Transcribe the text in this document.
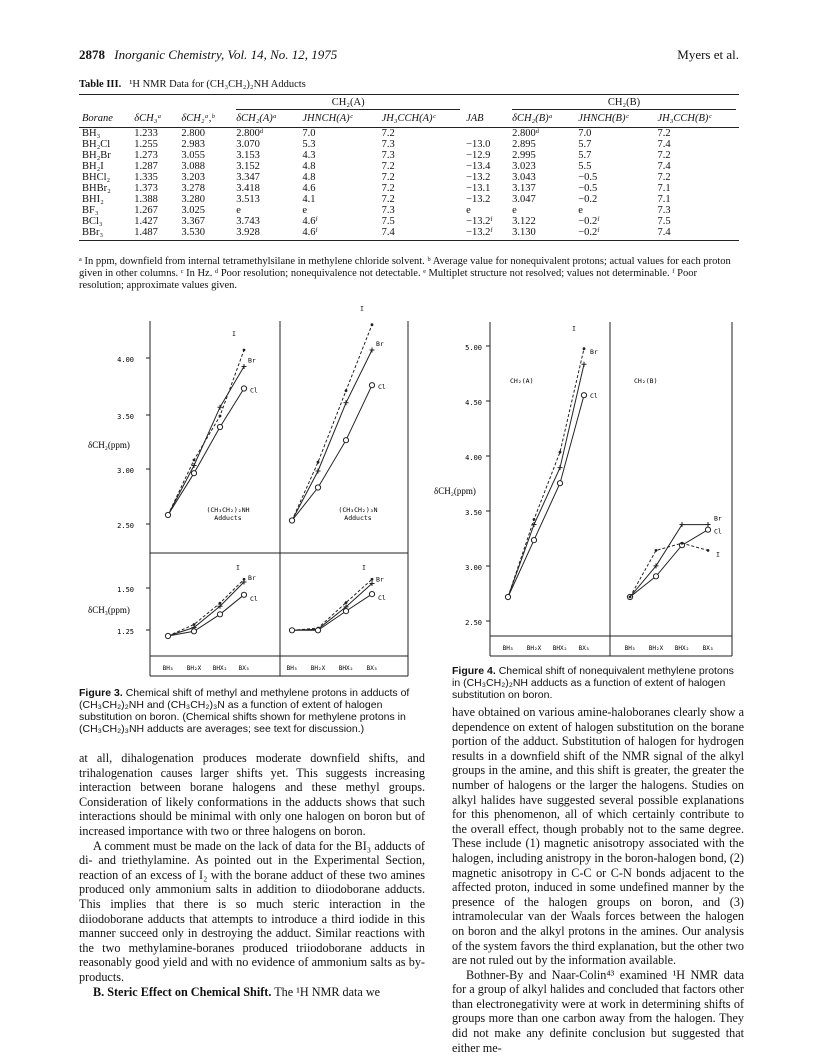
2878 Inorganic Chemistry, Vol. 14, No. 12, 1975	Myers et al.
Table III. ¹H NMR Data for (CH₃CH₂)₂NH Adducts

			CH₂(A)				CH₂(B)		

Borane	δCH₃ᵃ	δCH₂ᵃ,ᵇ	δCH₂(A)ᵃ	JHNCH(A)ᶜ	JH₃CCH(A)ᶜ	JAB	δCH₂(B)ᵃ	JHNCH(B)ᶜ	JH₃CCH(B)ᶜ
BH₃	1.233	2.800	2.800ᵈ	7.0	7.2		2.800ᵈ	7.0	7.2
BH₂Cl	1.255	2.983	3.070	5.3	7.3	−13.0	2.895	5.7	7.4
BH₂Br	1.273	3.055	3.153	4.3	7.3	−12.9	2.995	5.7	7.2
BH₂I	1.287	3.088	3.152	4.8	7.2	−13.4	3.023	5.5	7.4
BHCl₂	1.335	3.203	3.347	4.8	7.2	−13.2	3.043	−0.5	7.2
BHBr₂	1.373	3.278	3.418	4.6	7.2	−13.1	3.137	−0.5	7.1
BHI₂	1.388	3.280	3.513	4.1	7.2	−13.2	3.047	−0.2	7.1
BF₃	1.267	3.025	e	e	7.3	e	e	e	7.3
BCl₃	1.427	3.367	3.743	4.6ᶠ	7.5	−13.2ᶠ	3.122	−0.2ᶠ	7.5
BBr₃	1.487	3.530	3.928	4.6ᶠ	7.4	−13.2ᶠ	3.130	−0.2ᶠ	7.4
ᵃ In ppm, downfield from internal tetramethylsilane in methylene chloride solvent. ᵇ Average value for nonequivalent protons; actual values for each proton given in other columns. ᶜ In Hz. ᵈ Poor resolution; nonequivalence not detectable. ᵉ Multiplet structure not resolved; values not determinable. ᶠ Poor resolution; approximate values given.
4.00
3.50
3.00
2.50
1.50
1.25
δCH₂(ppm)
δCH₃(ppm)
(CH₃CH₂)₂NH
Adducts
(CH₃CH₂)₃N
Adducts
BH₃ BH₂X BHX₂ BX₃	BH₃ BH₂X BHX₂ BX₃
I
Br
Cl
I
Br
Cl
I
Br
Cl
I
Br
Cl
Figure 3. Chemical shift of methyl and methylene protons in adducts of (CH₃CH₂)₂NH and (CH₃CH₂)₃N as a function of extent of halogen substitution on boron. (Chemical shifts shown for methylene protons in (CH₃CH₂)₃NH adducts are averages; see text for discussion.)
5.00
4.50
4.00
3.50
3.00
2.50
δCH₂(ppm)
CH₂(A)	CH₂(B)
BH₃ BH₂X BHX₂ BX₃	BH₃ BH₂X BHX₂ BX₃
I
Br
Cl
Br
Cl
I
Figure 4. Chemical shift of nonequivalent methylene protons in (CH₃CH₂)₂NH adducts as a function of extent of halogen substitution on boron.

at all, dihalogenation produces moderate downfield shifts, and trihalogenation causes larger shifts yet. This suggests increasing interaction between borane halogens and these methyl groups. Consideration of likely conformations in the adducts shows that such interactions should be minimal with only one halogen on boron but of increased importance with two or three halogens on boron.

A comment must be made on the lack of data for the BI₃ adducts of di- and triethylamine. As pointed out in the Experimental Section, reaction of an excess of I₂ with the borane adduct of these two amines produced only ammonium salts in addition to diiodoborane adducts. This implies that there is so much steric interaction in the diiodoborane adducts that attempts to introduce a third iodide in this manner succeed only in destroying the adduct. Similar reactions with the two methylamine-boranes produced triiodoborane adducts in reasonably good yield and with no evidence of ammonium salts as by-products.

B. Steric Effect on Chemical Shift. The ¹H NMR data we

have obtained on various amine-haloboranes clearly show a dependence on extent of halogen substitution on the borane portion of the adduct. Substitution of halogen for hydrogen results in a downfield shift of the NMR signal of the alkyl groups in the amine, and this shift is greater, the greater the number of halogens or the larger the halogens. Studies on alkyl halides have suggested several possible explanations for this phenomenon, all of which certainly contribute to the overall effect, though probably not to the same degree. These include (1) magnetic anisotropy associated with the halogen, including anistropy in the boron-halogen bond, (2) magnetic anisotropy in C-C or C-N bonds adjacent to the affected proton, induced in some undefined manner by the presence of the halogen groups on boron, and (3) intramolecular van der Waals forces between the halogen on boron and the alkyl protons in the amines. Our analysis of the system favors the third explanation, but the other two are not ruled out by the information available.

Bothner-By and Naar-Colin⁴³ examined ¹H NMR data for a group of alkyl halides and concluded that factors other than electronegativity were at work in determining shifts of groups more than one carbon away from the halogen. They did not make any definite conclusion but suggested that either me-
